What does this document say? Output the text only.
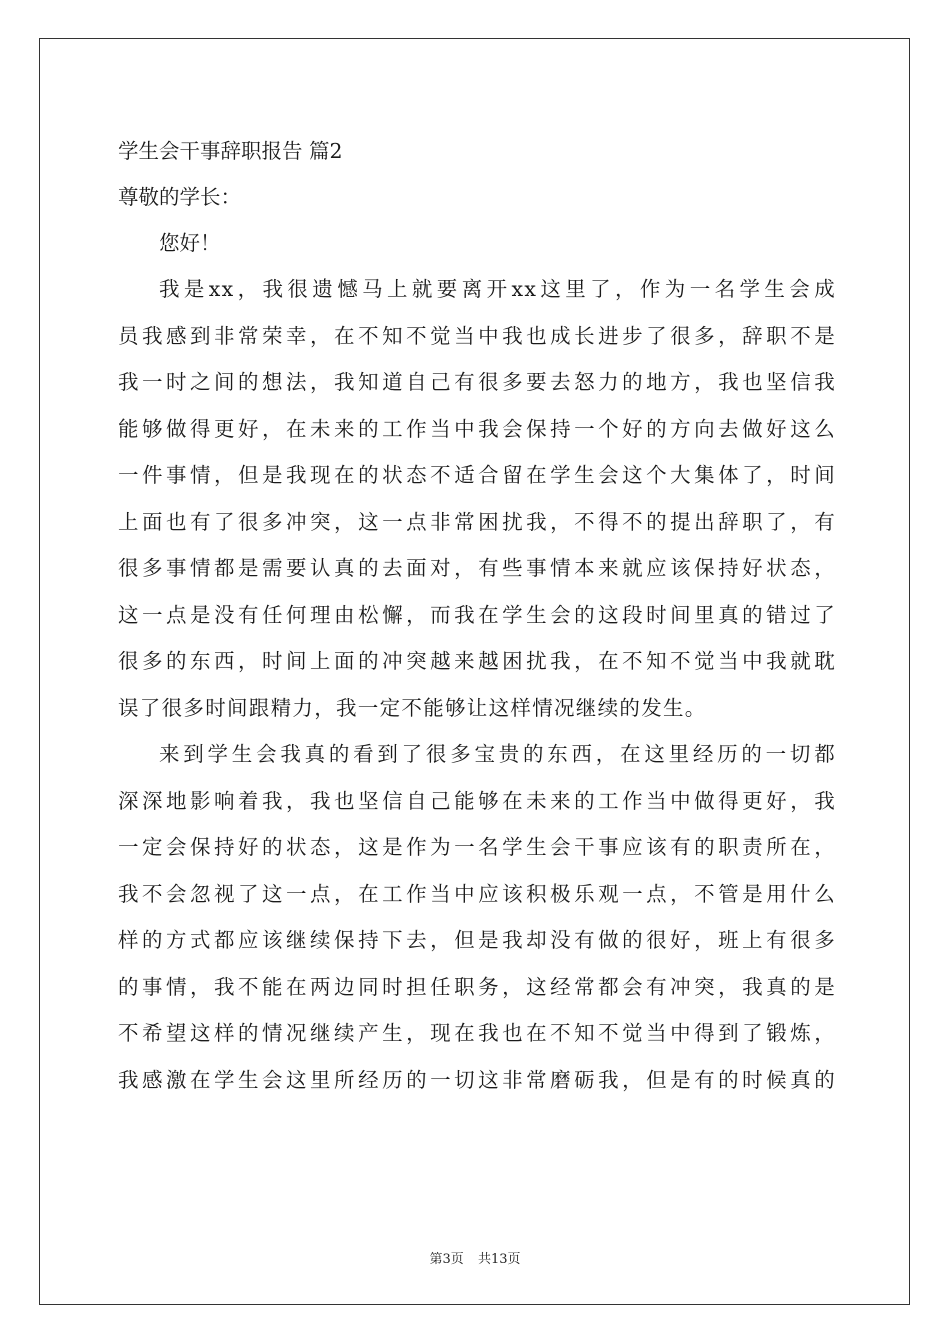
学生会干事辞职报告 篇2
尊敬的学长：
您好！
我是xx，我很遗憾马上就要离开xx这里了，作为一名学生会成
员我感到非常荣幸，在不知不觉当中我也成长进步了很多，辞职不是
我一时之间的想法，我知道自己有很多要去怒力的地方，我也坚信我
能够做得更好，在未来的工作当中我会保持一个好的方向去做好这么
一件事情，但是我现在的状态不适合留在学生会这个大集体了，时间
上面也有了很多冲突，这一点非常困扰我，不得不的提出辞职了，有
很多事情都是需要认真的去面对，有些事情本来就应该保持好状态，
这一点是没有任何理由松懈，而我在学生会的这段时间里真的错过了
很多的东西，时间上面的冲突越来越困扰我，在不知不觉当中我就耽
误了很多时间跟精力，我一定不能够让这样情况继续的发生。
来到学生会我真的看到了很多宝贵的东西，在这里经历的一切都
深深地影响着我，我也坚信自己能够在未来的工作当中做得更好，我
一定会保持好的状态，这是作为一名学生会干事应该有的职责所在，
我不会忽视了这一点，在工作当中应该积极乐观一点，不管是用什么
样的方式都应该继续保持下去，但是我却没有做的很好，班上有很多
的事情，我不能在两边同时担任职务，这经常都会有冲突，我真的是
不希望这样的情况继续产生，现在我也在不知不觉当中得到了锻炼，
我感激在学生会这里所经历的一切这非常磨砺我，但是有的时候真的
第3页 共13页
